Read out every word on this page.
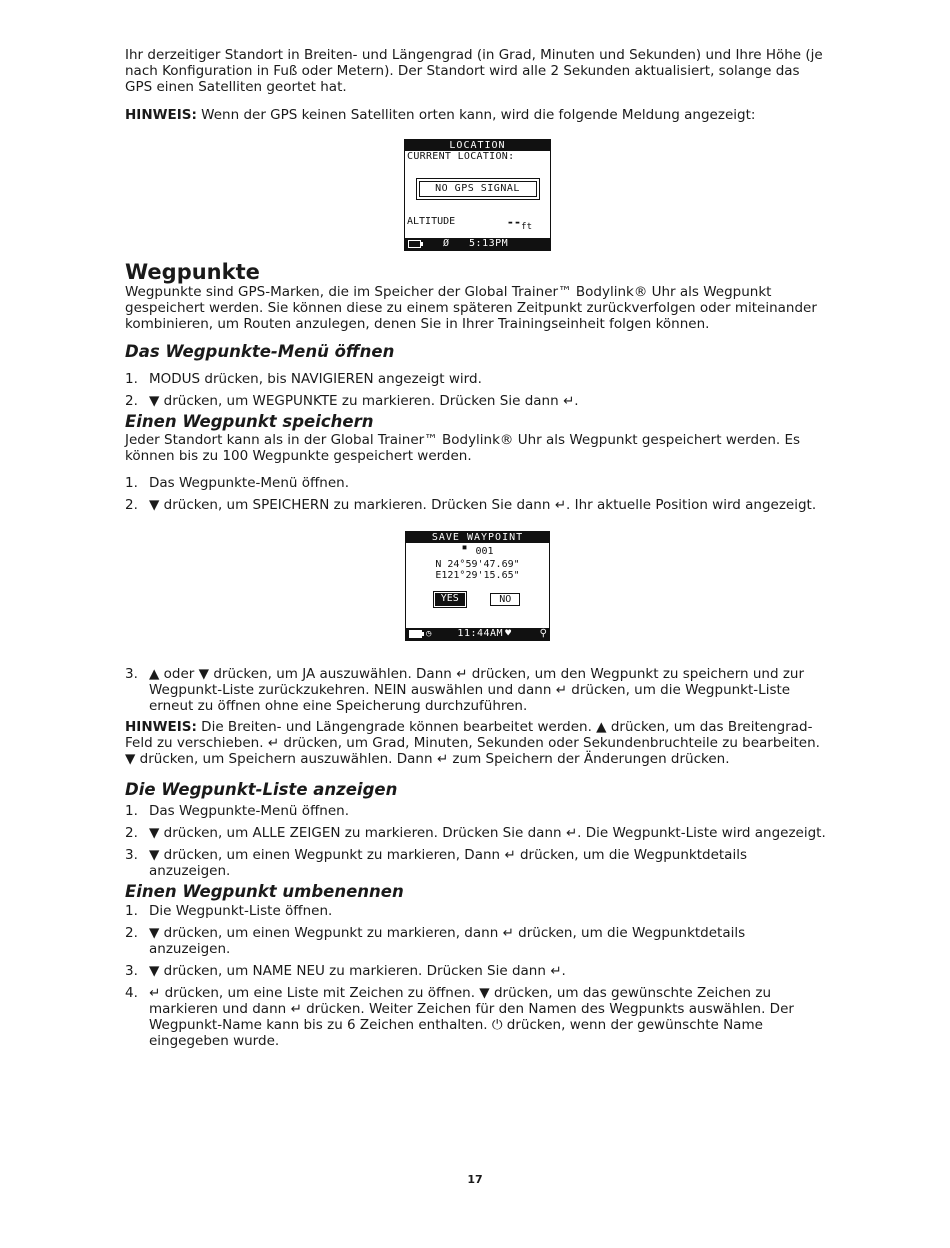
Ihr derzeitiger Standort in Breiten- und Längengrad (in Grad, Minuten und Sekunden) und Ihre Höhe (je nach Konfiguration in Fuß oder Metern). Der Standort wird alle 2 Sekunden aktualisiert, solange das GPS einen Satelliten geortet hat.

HINWEIS: Wenn der GPS keinen Satelliten orten kann, wird die folgende Meldung angezeigt:

LOCATION
CURRENT LOCATION:
NO GPS SIGNAL
ALTITUDE	$--_{ft}$
Ø 5:13PM
Wegpunkte

Wegpunkte sind GPS-Marken, die im Speicher der Global Trainer™ Bodylink® Uhr als Wegpunkt gespeichert werden. Sie können diese zu einem späteren Zeitpunkt zurückverfolgen oder miteinander kombinieren, um Routen anzulegen, denen Sie in Ihrer Trainingseinheit folgen können.

Das Wegpunkte-Menü öffnen
1. MODUS drücken, bis NAVIGIEREN angezeigt wird.
2. ▼ drücken, um WEGPUNKTE zu markieren. Drücken Sie dann ↵.
Einen Wegpunkt speichern

Jeder Standort kann als in der Global Trainer™ Bodylink® Uhr als Wegpunkt gespeichert werden. Es können bis zu 100 Wegpunkte gespeichert werden.

1. Das Wegpunkte-Menü öffnen.
2. ▼ drücken, um SPEICHERN zu markieren. Drücken Sie dann ↵. Ihr aktuelle Position wird angezeigt.
SAVE WAYPOINT
▪ 001
N 24°59'47.69"
E121°29'15.65"
YES	NO
◷	11:44AM ♥	⚲
3. ▲ oder ▼ drücken, um JA auszuwählen. Dann ↵ drücken, um den Wegpunkt zu speichern und zur Wegpunkt-Liste zurückzukehren. NEIN auswählen und dann ↵ drücken, um die Wegpunkt-Liste erneut zu öffnen ohne eine Speicherung durchzuführen.

HINWEIS: Die Breiten- und Längengrade können bearbeitet werden. ▲ drücken, um das Breitengrad-Feld zu verschieben. ↵ drücken, um Grad, Minuten, Sekunden oder Sekundenbruchteile zu bearbeiten. ▼ drücken, um Speichern auszuwählen. Dann ↵ zum Speichern der Änderungen drücken.

Die Wegpunkt-Liste anzeigen
1. Das Wegpunkte-Menü öffnen.
2. ▼ drücken, um ALLE ZEIGEN zu markieren. Drücken Sie dann ↵. Die Wegpunkt-Liste wird angezeigt.
3. ▼ drücken, um einen Wegpunkt zu markieren, Dann ↵ drücken, um die Wegpunktdetails anzuzeigen.
Einen Wegpunkt umbenennen
1. Die Wegpunkt-Liste öffnen.
2. ▼ drücken, um einen Wegpunkt zu markieren, dann ↵ drücken, um die Wegpunktdetails anzuzeigen.
3. ▼ drücken, um NAME NEU zu markieren. Drücken Sie dann ↵.
4. ↵ drücken, um eine Liste mit Zeichen zu öffnen. ▼ drücken, um das gewünschte Zeichen zu markieren und dann ↵ drücken. Weiter Zeichen für den Namen des Wegpunkts auswählen. Der Wegpunkt-Name kann bis zu 6 Zeichen enthalten. ⏻ drücken, wenn der gewünschte Name eingegeben wurde.
17
